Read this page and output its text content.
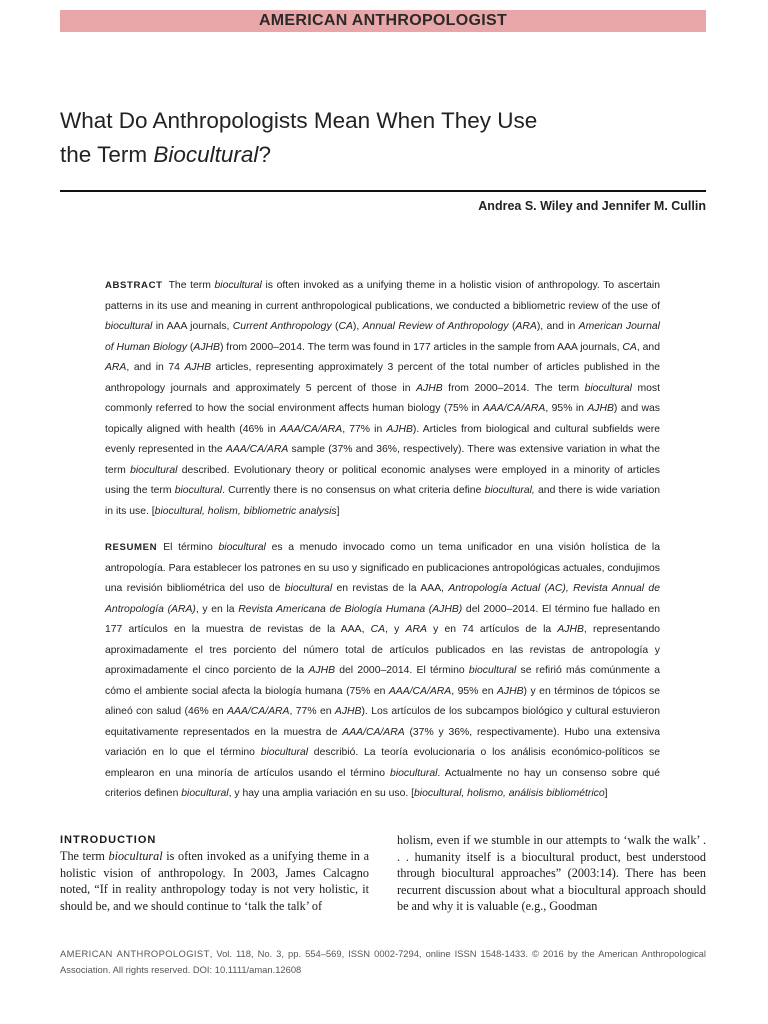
AMERICAN ANTHROPOLOGIST
What Do Anthropologists Mean When They Use
the Term Biocultural?
Andrea S. Wiley and Jennifer M. Cullin
ABSTRACT The term biocultural is often invoked as a unifying theme in a holistic vision of anthropology. To ascertain patterns in its use and meaning in current anthropological publications, we conducted a bibliometric review of the use of biocultural in AAA journals, Current Anthropology (CA), Annual Review of Anthropology (ARA), and in American Journal of Human Biology (AJHB) from 2000–2014. The term was found in 177 articles in the sample from AAA journals, CA, and ARA, and in 74 AJHB articles, representing approximately 3 percent of the total number of articles published in the anthropology journals and approximately 5 percent of those in AJHB from 2000–2014. The term biocultural most commonly referred to how the social environment affects human biology (75% in AAA/CA/ARA, 95% in AJHB) and was topically aligned with health (46% in AAA/CA/ARA, 77% in AJHB). Articles from biological and cultural subfields were evenly represented in the AAA/CA/ARA sample (37% and 36%, respectively). There was extensive variation in what the term biocultural described. Evolutionary theory or political economic analyses were employed in a minority of articles using the term biocultural. Currently there is no consensus on what criteria define biocultural, and there is wide variation in its use. [biocultural, holism, bibliometric analysis]
RESUMEN El término biocultural es a menudo invocado como un tema unificador en una visión holística de la antropología. Para establecer los patrones en su uso y significado en publicaciones antropológicas actuales, condujimos una revisión bibliométrica del uso de biocultural en revistas de la AAA, Antropología Actual (AC), Revista Annual de Antropología (ARA), y en la Revista Americana de Biología Humana (AJHB) del 2000–2014. El término fue hallado en 177 artículos en la muestra de revistas de la AAA, CA, y ARA y en 74 artículos de la AJHB, representando aproximadamente el tres porciento del número total de artículos publicados en las revistas de antropología y aproximadamente el cinco porciento de la AJHB del 2000–2014. El término biocultural se refirió más comúnmente a cómo el ambiente social afecta la biología humana (75% en AAA/CA/ARA, 95% en AJHB) y en términos de tópicos se alineó con salud (46% en AAA/CA/ARA, 77% en AJHB). Los artículos de los subcampos biológico y cultural estuvieron equitativamente representados en la muestra de AAA/CA/ARA (37% y 36%, respectivamente). Hubo una extensiva variación en lo que el término biocultural describió. La teoría evolucionaria o los análisis económico-políticos se emplearon en una minoría de artículos usando el término biocultural. Actualmente no hay un consenso sobre qué criterios definen biocultural, y hay una amplia variación en su uso. [biocultural, holismo, análisis bibliométrico]
INTRODUCTION
The term biocultural is often invoked as a unifying theme in a holistic vision of anthropology. In 2003, James Calcagno noted, “If in reality anthropology today is not very holistic, it should be, and we should continue to ‘talk the talk’ of
holism, even if we stumble in our attempts to ‘walk the walk’ . . . humanity itself is a biocultural product, best understood through biocultural approaches” (2003:14). There has been recurrent discussion about what a biocultural approach should be and why it is valuable (e.g., Goodman
AMERICAN ANTHROPOLOGIST, Vol. 118, No. 3, pp. 554–569, ISSN 0002-7294, online ISSN 1548-1433. © 2016 by the American Anthropological Association. All rights reserved. DOI: 10.1111/aman.12608
